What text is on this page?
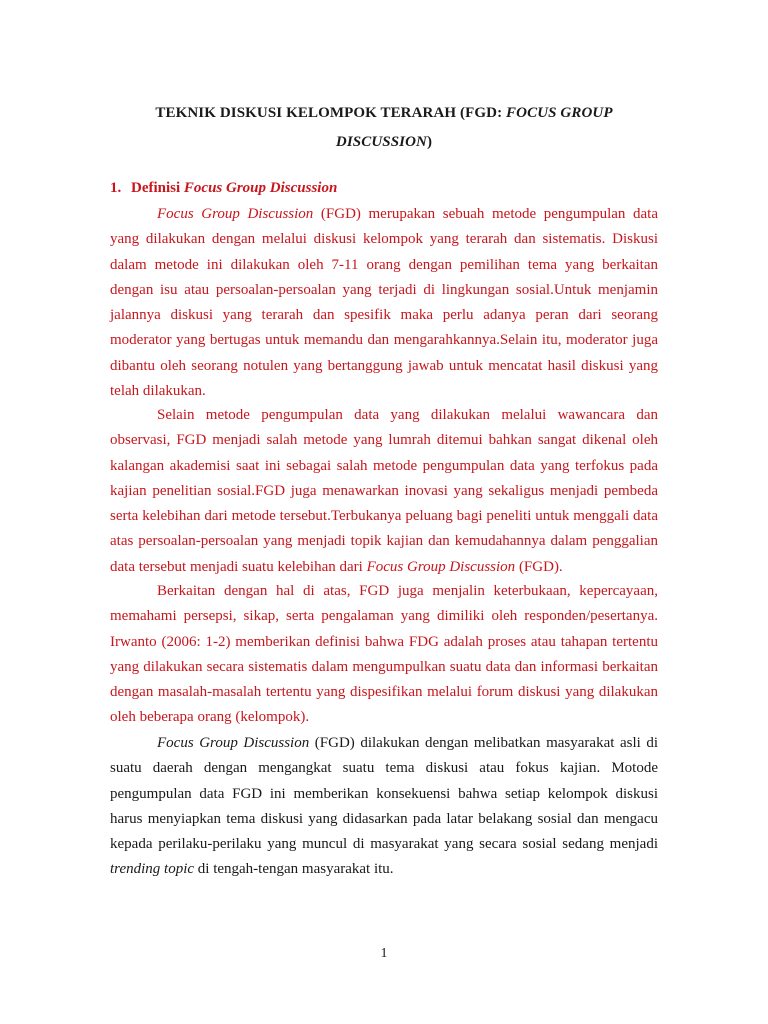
TEKNIK DISKUSI KELOMPOK TERARAH (FGD: FOCUS GROUP DISCUSSION)
1. Definisi Focus Group Discussion

Focus Group Discussion (FGD) merupakan sebuah metode pengumpulan data yang dilakukan dengan melalui diskusi kelompok yang terarah dan sistematis. Diskusi dalam metode ini dilakukan oleh 7-11 orang dengan pemilihan tema yang berkaitan dengan isu atau persoalan-persoalan yang terjadi di lingkungan sosial.Untuk menjamin jalannya diskusi yang terarah dan spesifik maka perlu adanya peran dari seorang moderator yang bertugas untuk memandu dan mengarahkannya.Selain itu, moderator juga dibantu oleh seorang notulen yang bertanggung jawab untuk mencatat hasil diskusi yang telah dilakukan.

Selain metode pengumpulan data yang dilakukan melalui wawancara dan observasi, FGD menjadi salah metode yang lumrah ditemui bahkan sangat dikenal oleh kalangan akademisi saat ini sebagai salah metode pengumpulan data yang terfokus pada kajian penelitian sosial.FGD juga menawarkan inovasi yang sekaligus menjadi pembeda serta kelebihan dari metode tersebut.Terbukanya peluang bagi peneliti untuk menggali data atas persoalan-persoalan yang menjadi topik kajian dan kemudahannya dalam penggalian data tersebut menjadi suatu kelebihan dari Focus Group Discussion (FGD).

Berkaitan dengan hal di atas, FGD juga menjalin keterbukaan, kepercayaan, memahami persepsi, sikap, serta pengalaman yang dimiliki oleh responden/pesertanya. Irwanto (2006: 1-2) memberikan definisi bahwa FDG adalah proses atau tahapan tertentu yang dilakukan secara sistematis dalam mengumpulkan suatu data dan informasi berkaitan dengan masalah-masalah tertentu yang dispesifikan melalui forum diskusi yang dilakukan oleh beberapa orang (kelompok).

Focus Group Discussion (FGD) dilakukan dengan melibatkan masyarakat asli di suatu daerah dengan mengangkat suatu tema diskusi atau fokus kajian. Motode pengumpulan data FGD ini memberikan konsekuensi bahwa setiap kelompok diskusi harus menyiapkan tema diskusi yang didasarkan pada latar belakang sosial dan mengacu kepada perilaku-perilaku yang muncul di masyarakat yang secara sosial sedang menjadi trending topic di tengah-tengan masyarakat itu.

1
